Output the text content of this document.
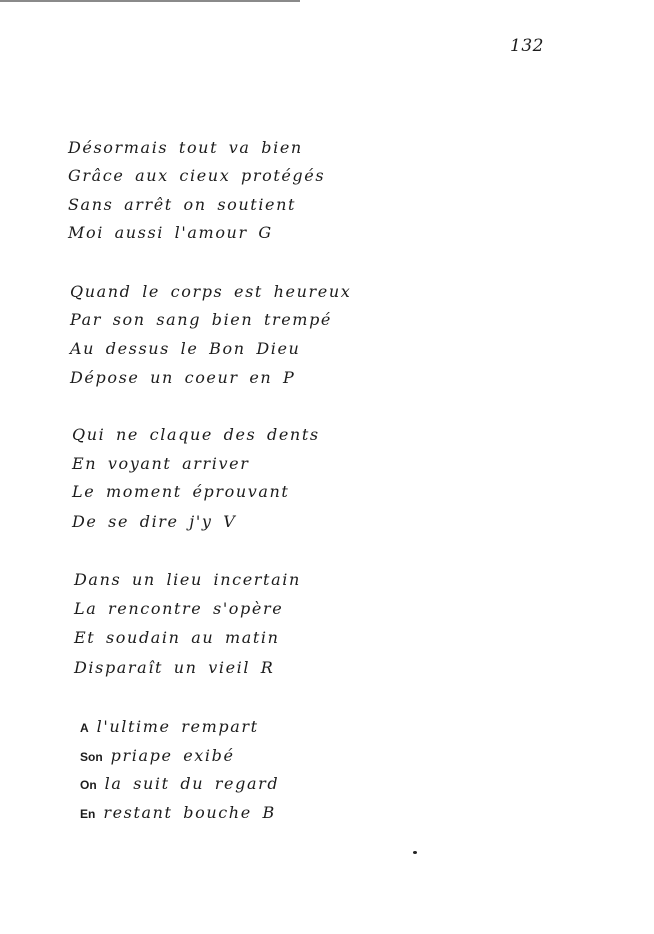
132
Désormais tout va bien
Grâce aux cieux protégés
Sans arrêt on soutient
Moi aussi l'amour G
Quand le corps est heureux
Par son sang bien trempé
Au dessus le Bon Dieu
Dépose un coeur en P
Qui ne claque des dents
En voyant arriver
Le moment éprouvant
De se dire j'y V
Dans un lieu incertain
La rencontre s'opère
Et soudain au matin
Disparaît un vieil R
A l'ultime rempart
Son priape exibé
On la suit du regard
En restant bouche B
